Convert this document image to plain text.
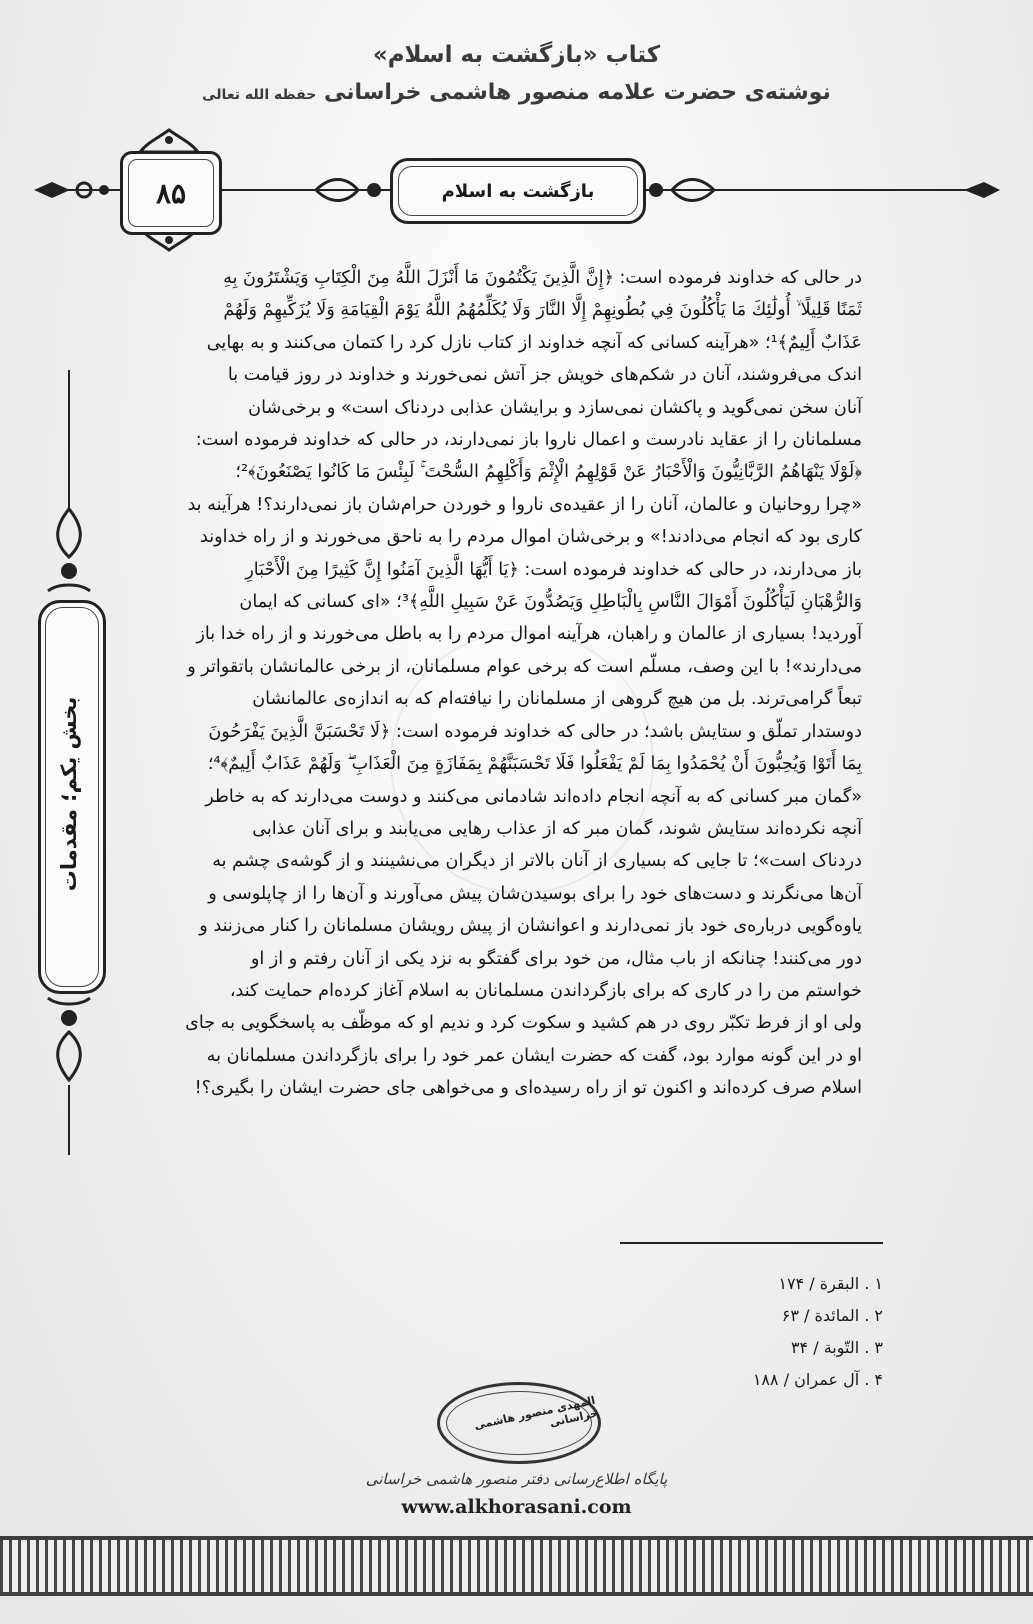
کتاب «بازگشت به اسلام»
نوشته‌ی حضرت علامه منصور هاشمی خراسانی حفظه الله تعالی
۸۵	بازگشت به اسلام
بخش یکم؛ مقدمات
در حالی که خداوند فرموده است: ﴿إِنَّ الَّذِينَ يَكْتُمُونَ مَا أَنْزَلَ اللَّهُ مِنَ الْكِتَابِ وَيَشْتَرُونَ بِهِ
ثَمَنًا قَلِيلًا ۙ أُولَٰئِكَ مَا يَأْكُلُونَ فِي بُطُونِهِمْ إِلَّا النَّارَ وَلَا يُكَلِّمُهُمُ اللَّهُ يَوْمَ الْقِيَامَةِ وَلَا يُزَكِّيهِمْ وَلَهُمْ
عَذَابٌ أَلِيمٌ﴾¹؛ «هرآینه کسانی که آنچه خداوند از کتاب نازل کرد را کتمان می‌کنند و به بهایی
اندک می‌فروشند، آنان در شکم‌های خویش جز آتش نمی‌خورند و خداوند در روز قیامت با
آنان سخن نمی‌گوید و پاکشان نمی‌سازد و برایشان عذابی دردناک است» و برخی‌شان
مسلمانان را از عقاید نادرست و اعمال ناروا باز نمی‌دارند، در حالی که خداوند فرموده است:
﴿لَوْلَا يَنْهَاهُمُ الرَّبَّانِيُّونَ وَالْأَحْبَارُ عَنْ قَوْلِهِمُ الْإِثْمَ وَأَكْلِهِمُ السُّحْتَ ۚ لَبِئْسَ مَا كَانُوا يَصْنَعُونَ﴾²؛
«چرا روحانیان و عالمان، آنان را از عقیده‌ی ناروا و خوردن حرام‌شان باز نمی‌دارند؟! هرآینه بد
کاری بود که انجام می‌دادند!» و برخی‌شان اموال مردم را به ناحق می‌خورند و از راه خداوند
باز می‌دارند، در حالی که خداوند فرموده است: ﴿يَا أَيُّهَا الَّذِينَ آمَنُوا إِنَّ كَثِيرًا مِنَ الْأَحْبَارِ
وَالرُّهْبَانِ لَيَأْكُلُونَ أَمْوَالَ النَّاسِ بِالْبَاطِلِ وَيَصُدُّونَ عَنْ سَبِيلِ اللَّهِ﴾³؛ «ای کسانی که ایمان
آوردید! بسیاری از عالمان و راهبان، هرآینه اموال مردم را به باطل می‌خورند و از راه خدا باز
می‌دارند»! با این وصف، مسلّم است که برخی عوام مسلمانان، از برخی عالمانشان باتقواتر و
تبعاً گرامی‌ترند. بل من هیچ گروهی از مسلمانان را نیافته‌ام که به اندازه‌ی عالمانشان
دوستدار تملّق و ستایش باشد؛ در حالی که خداوند فرموده است: ﴿لَا تَحْسَبَنَّ الَّذِينَ يَفْرَحُونَ
بِمَا أَتَوْا وَيُحِبُّونَ أَنْ يُحْمَدُوا بِمَا لَمْ يَفْعَلُوا فَلَا تَحْسَبَنَّهُمْ بِمَفَازَةٍ مِنَ الْعَذَابِ ۖ وَلَهُمْ عَذَابٌ أَلِيمٌ﴾⁴؛
«گمان مبر کسانی که به آنچه انجام داده‌اند شادمانی می‌کنند و دوست می‌دارند که به خاطر
آنچه نکرده‌اند ستایش شوند، گمان مبر که از عذاب رهایی می‌یابند و برای آنان عذابی
دردناک است»؛ تا جایی که بسیاری از آنان بالاتر از دیگران می‌نشینند و از گوشه‌ی چشم به
آن‌ها می‌نگرند و دست‌های خود را برای بوسیدن‌شان پیش می‌آورند و آن‌ها را از چاپلوسی و
یاوه‌گویی درباره‌ی خود باز نمی‌دارند و اعوانشان از پیش رویشان مسلمانان را کنار می‌زنند و
دور می‌کنند! چنانکه از باب مثال، من خود برای گفتگو به نزد یکی از آنان رفتم و از او
خواستم من را در کاری که برای بازگرداندن مسلمانان به اسلام آغاز کرده‌ام حمایت کند،
ولی او از فرط تکبّر روی در هم کشید و سکوت کرد و ندیم او که موظّف به پاسخگویی به جای
او در این گونه موارد بود، گفت که حضرت ایشان عمر خود را برای بازگرداندن مسلمانان به
اسلام صرف کرده‌اند و اکنون تو از راه رسیده‌ای و می‌خواهی جای حضرت ایشان را بگیری؟!
۱ . البقرة / ۱۷۴
۲ . المائدة / ۶۳
۳ . التّوبة / ۳۴
۴ . آل عمران / ۱۸۸
المهدی منصور هاشمی خراسانی
پایگاه اطلاع‌رسانی دفتر منصور هاشمی خراسانی
www.alkhorasani.com
